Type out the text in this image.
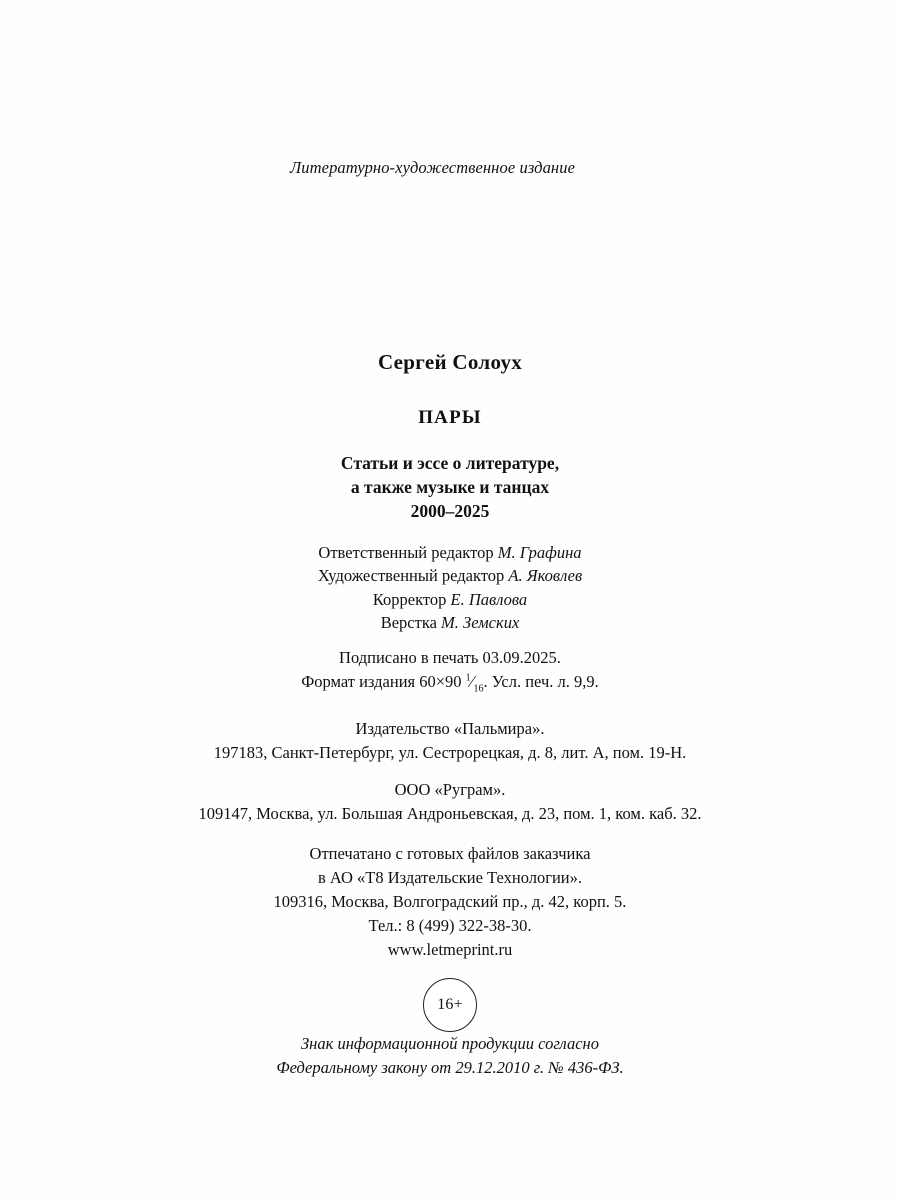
Литературно-художественное издание
Сергей Солоух
ПАРЫ
Статьи и эссе о литературе,
а также музыке и танцах
2000–2025
Ответственный редактор М. Графина
Художественный редактор А. Яковлев
Корректор Е. Павлова
Верстка М. Земских
Подписано в печать 03.09.2025.
Формат издания 60×90 $^1⁄_{16}$. Усл. печ. л. 9,9.
Издательство «Пальмира».
197183, Санкт-Петербург, ул. Сестрорецкая, д. 8, лит. А, пом. 19-Н.
ООО «Руграм».
109147, Москва, ул. Большая Андроньевская, д. 23, пом. 1, ком. каб. 32.
Отпечатано с готовых файлов заказчика
в АО «Т8 Издательские Технологии».
109316, Москва, Волгоградский пр., д. 42, корп. 5.
Тел.: 8 (499) 322-38-30.
www.letmeprint.ru
16+
Знак информационной продукции согласно
Федеральному закону от 29.12.2010 г. № 436-ФЗ.
